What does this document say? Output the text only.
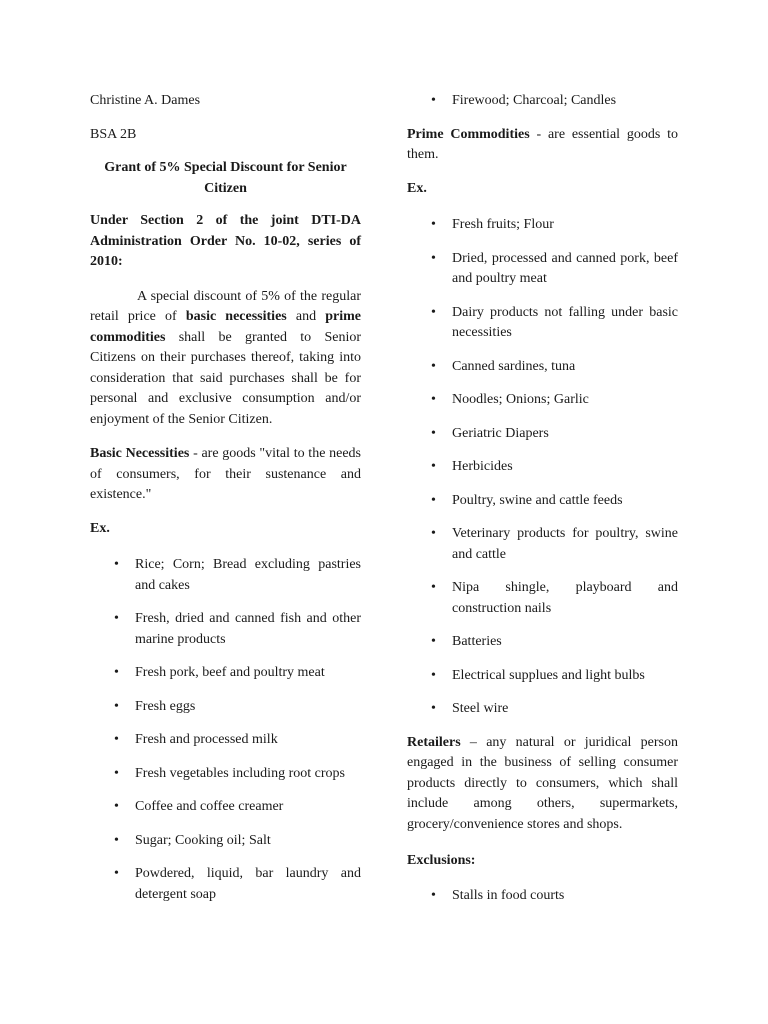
Christine A. Dames

BSA 2B

Grant of 5% Special Discount for Senior Citizen

Under Section 2 of the joint DTI-DA Administration Order No. 10-02, series of 2010:

A special discount of 5% of the regular retail price of basic necessities and prime commodities shall be granted to Senior Citizens on their purchases thereof, taking into consideration that said purchases shall be for personal and exclusive consumption and/or enjoyment of the Senior Citizen.

Basic Necessities - are goods "vital to the needs of consumers, for their sustenance and existence."

Ex.

• Rice; Corn; Bread excluding pastries and cakes
• Fresh, dried and canned fish and other marine products
• Fresh pork, beef and poultry meat
• Fresh eggs
• Fresh and processed milk
• Fresh vegetables including root crops
• Coffee and coffee creamer
• Sugar; Cooking oil; Salt
• Powdered, liquid, bar laundry and detergent soap
• Firewood; Charcoal; Candles

Prime Commodities - are essential goods to them.

Ex.

• Fresh fruits; Flour
• Dried, processed and canned pork, beef and poultry meat
• Dairy products not falling under basic necessities
• Canned sardines, tuna
• Noodles; Onions; Garlic
• Geriatric Diapers
• Herbicides
• Poultry, swine and cattle feeds
• Veterinary products for poultry, swine and cattle
• Nipa shingle, playboard and construction nails
• Batteries
• Electrical supplues and light bulbs
• Steel wire

Retailers – any natural or juridical person engaged in the business of selling consumer products directly to consumers, which shall include among others, supermarkets, grocery/convenience stores and shops.

Exclusions:

• Stalls in food courts
